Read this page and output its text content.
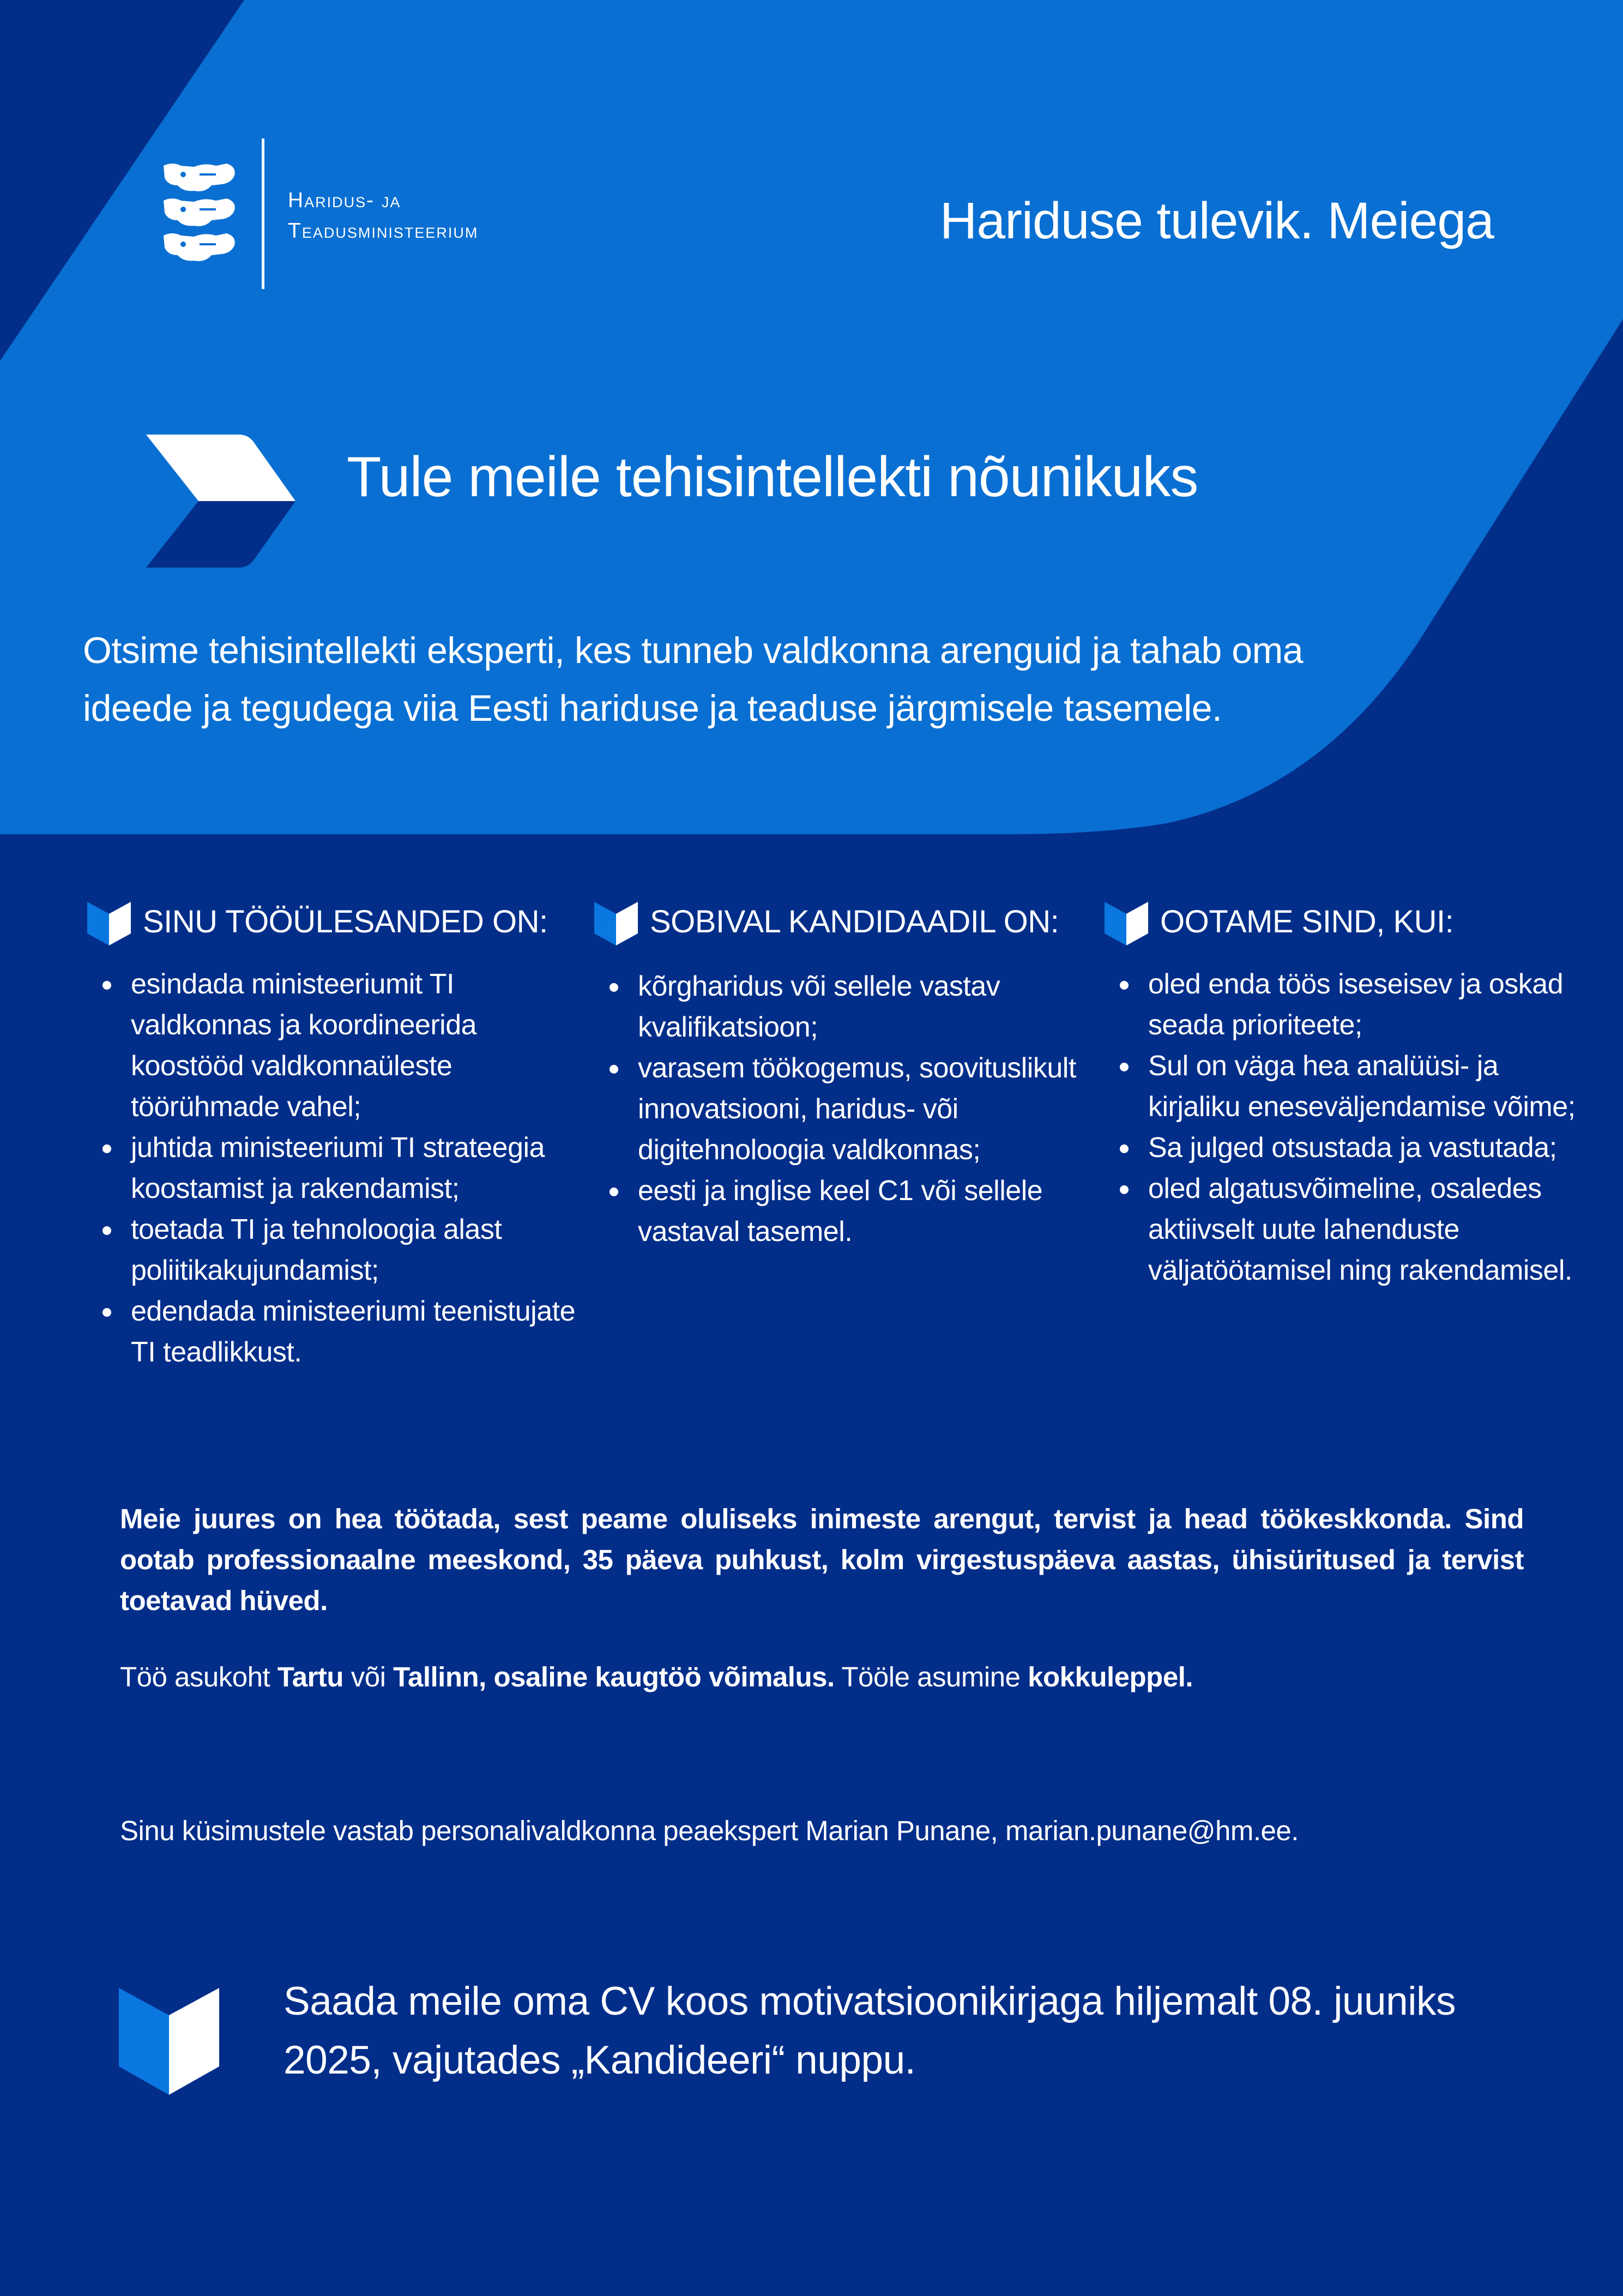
Haridus- ja
Teadusministeerium	Hariduse tulevik. Meiega
Tule meile tehisintellekti nõunikuks
Otsime tehisintellekti eksperti, kes tunneb valdkonna arenguid ja tahab oma ideede ja tegudega viia Eesti hariduse ja teaduse järgmisele tasemele.
SINU TÖÖÜLESANDED ON:
esindada ministeeriumit TI valdkonnas ja koordineerida koostööd valdkonnaüleste töörühmade vahel;
juhtida ministeeriumi TI strateegia koostamist ja rakendamist;
toetada TI ja tehnoloogia alast poliitikakujundamist;
edendada ministeeriumi teenistujate TI teadlikkust.
SOBIVAL KANDIDAADIL ON:
kõrgharidus või sellele vastav kvalifikatsioon;
varasem töökogemus, soovituslikult innovatsiooni, haridus- või digitehnoloogia valdkonnas;
eesti ja inglise keel C1 või sellele vastaval tasemel.
OOTAME SIND, KUI:
oled enda töös iseseisev ja oskad seada prioriteete;
Sul on väga hea analüüsi- ja kirjaliku eneseväljendamise võime;
Sa julged otsustada ja vastutada;
oled algatusvõimeline, osaledes aktiivselt uute lahenduste väljatöötamisel ning rakendamisel.
Meie juures on hea töötada, sest peame oluliseks inimeste arengut, tervist ja head töökeskkonda. Sind ootab professionaalne meeskond, 35 päeva puhkust, kolm virgestuspäeva aastas, ühisüritused ja tervist toetavad hüved.
Töö asukoht Tartu või Tallinn, osaline kaugtöö võimalus. Tööle asumine kokkuleppel.
Sinu küsimustele vastab personalivaldkonna peaekspert Marian Punane, marian.punane@hm.ee.
Saada meile oma CV koos motivatsioonikirjaga hiljemalt 08. juuniks 2025, vajutades „Kandideeri“ nuppu.
